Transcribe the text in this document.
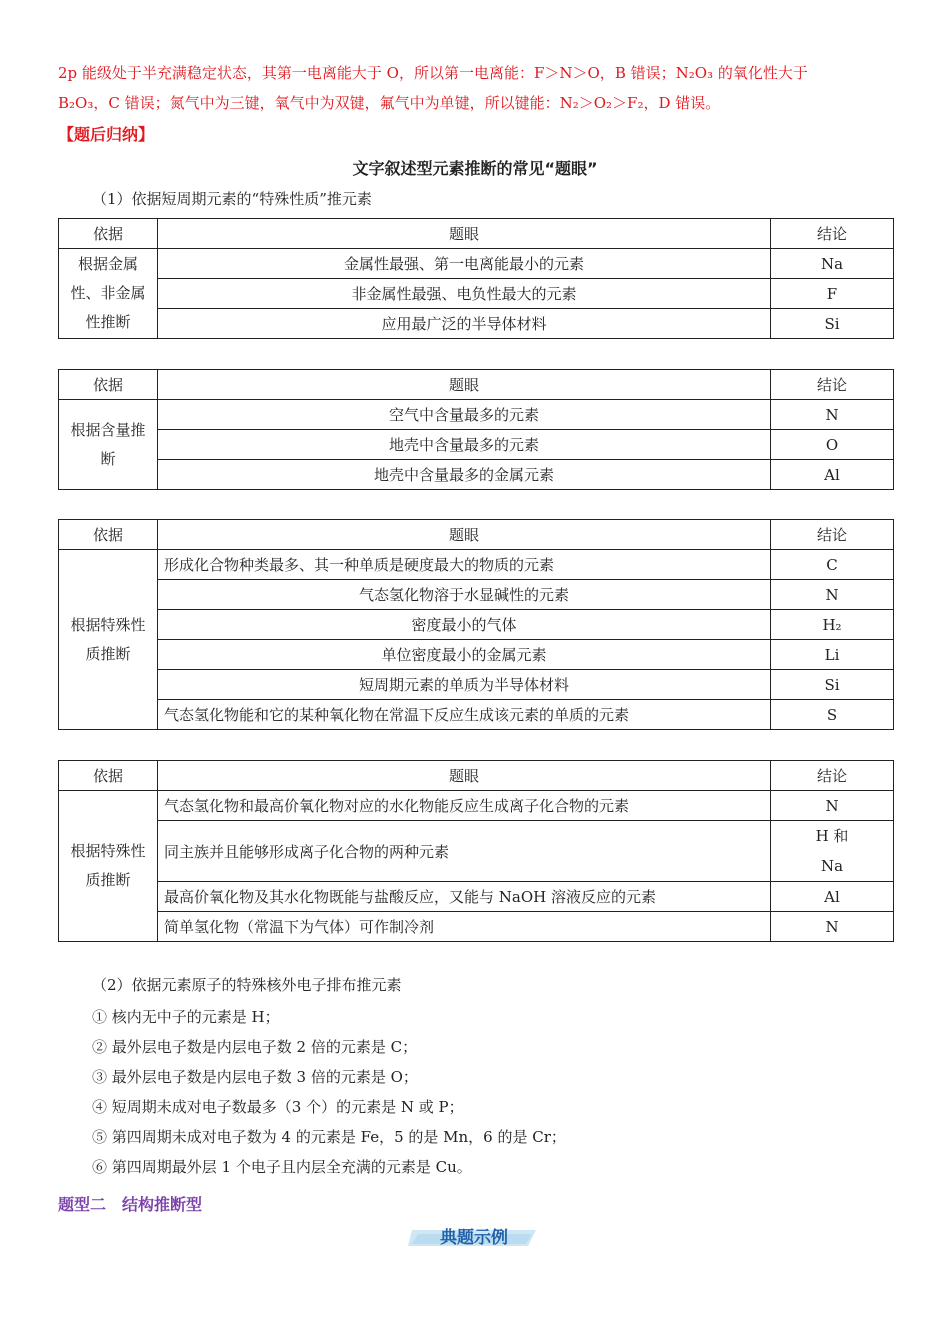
2p 能级处于半充满稳定状态，其第一电离能大于 O，所以第一电离能：F＞N＞O，B 错误；N₂O₃ 的氧化性大于
B₂O₃，C 错误；氮气中为三键，氧气中为双键，氟气中为单键，所以键能：N₂＞O₂＞F₂，D 错误。
【题后归纳】
文字叙述型元素推断的常见“题眼”
（1）依据短周期元素的“特殊性质”推元素
依据	题眼	结论
根据金属性、非金属性推断	金属性最强、第一电离能最小的元素	Na
	非金属性最强、电负性最大的元素	F
	应用最广泛的半导体材料	Si
依据	题眼	结论
根据含量推断	空气中含量最多的元素	N
	地壳中含量最多的元素	O
	地壳中含量最多的金属元素	Al
依据	题眼	结论
根据特殊性质推断	形成化合物种类最多、其一种单质是硬度最大的物质的元素	C
	气态氢化物溶于水显碱性的元素	N
	密度最小的气体	H₂
	单位密度最小的金属元素	Li
	短周期元素的单质为半导体材料	Si
	气态氢化物能和它的某种氧化物在常温下反应生成该元素的单质的元素	S
依据	题眼	结论
根据特殊性质推断	气态氢化物和最高价氧化物对应的水化物能反应生成离子化合物的元素	N
	同主族并且能够形成离子化合物的两种元素	H 和
Na
	最高价氧化物及其水化物既能与盐酸反应，又能与 NaOH 溶液反应的元素	Al
	简单氢化物（常温下为气体）可作制冷剂	N
（2）依据元素原子的特殊核外电子排布推元素
① 核内无中子的元素是 H；
② 最外层电子数是内层电子数 2 倍的元素是 C；
③ 最外层电子数是内层电子数 3 倍的元素是 O；
④ 短周期未成对电子数最多（3 个）的元素是 N 或 P；
⑤ 第四周期未成对电子数为 4 的元素是 Fe，5 的是 Mn，6 的是 Cr；
⑥ 第四周期最外层 1 个电子且内层全充满的元素是 Cu。
题型二　结构推断型
典题示例
